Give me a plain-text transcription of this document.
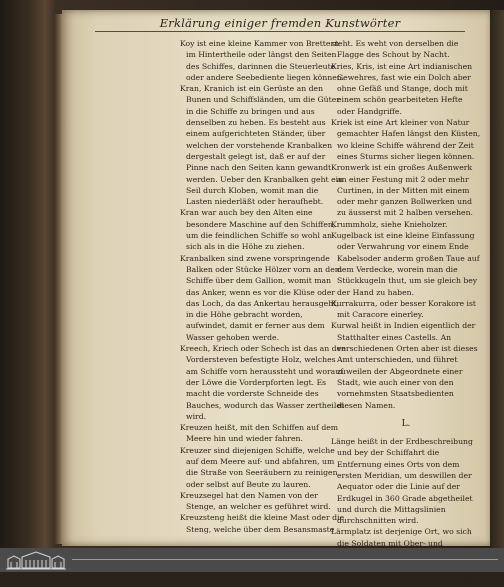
Erklärung einiger fremden Kunstwörter

Koy ist eine kleine Kammer von Brettern im Hintertheile oder längst den Seiten des Schiffes, darinnen die Steuerleute oder andere Seebediente liegen können.

Kran, Kranich ist ein Gerüste an den Bunen und Schiffsländen, um die Güter in die Schiffe zu bringen und aus denselben zu heben. Es besteht aus einem aufgerichteten Ständer, über welchen der vorstehende Kranbalken dergestalt gelegt ist, daß er auf der Pinne nach den Seiten kann gewandt werden. Ueber den Kranbalken geht ein Seil durch Kloben, womit man die Lasten niederläßt oder heraufhebt.

Kran war auch bey den Alten eine besondere Maschine auf den Schiffen, um die feindlichen Schiffe so wohl an sich als in die Höhe zu ziehen.

Kranbalken sind zwene vorspringende Balken oder Stücke Hölzer vorn an dem Schiffe über dem Gallion, womit man das Anker, wenn es vor die Klüse oder das Loch, da das Ankertau herausgeht, in die Höhe gebracht worden, aufwindet, damit er ferner aus dem Wasser gehoben werde.

Kreech, Kriech oder Schech ist das an den Vordersteven befestigte Holz, welches am Schiffe vorn heraussteht und worauf der Löwe die Vorderpforten legt. Es macht die vorderste Schneide des Bauches, wodurch das Wasser zertheilet wird.

Kreuzen heißt, mit den Schiffen auf dem Meere hin und wieder fahren.

Kreuzer sind diejenigen Schiffe, welche auf dem Meere auf- und abfahren, um die Straße von Seeräubern zu reinigen oder selbst auf Beute zu lauren.

Kreuzsegel hat den Namen von der Stenge, an welcher es geführet wird.

Kreuzsteng heißt die kleine Mast oder die Steng, welche über dem Besansmaste

steht. Es weht von derselben die Flagge des Schout by Nacht.

Kries, Kris, ist eine Art indianischen Gewehres, fast wie ein Dolch aber ohne Gefäß und Stange, doch mit einem schön gearbeiteten Hefte oder Handgriffe.

Kriek ist eine Art kleiner von Natur gemachter Hafen längst den Küsten, wo kleine Schiffe während der Zeit eines Sturms sicher liegen können.

Kronwerk ist ein großes Außenwerk an einer Festung mit 2 oder mehr Curtinen, in der Mitten mit einem oder mehr ganzen Bollwerken und zu äusserst mit 2 halben versehen.

Krummholz, siehe Knieholzer.

Kugelback ist eine kleine Einfassung oder Verwahrung vor einem Ende Kabelsoder anderm großen Taue auf dem Verdecke, worein man die Stückkugeln thut, um sie gleich bey der Hand zu haben.

Kurrakurra, oder besser Korakore ist mit Caracore einerley.

Kurwal heißt in Indien eigentlich der Statthalter eines Castells. An verschiedenen Orten aber ist dieses Amt unterschieden, und führet zuweilen der Abgeordnete einer Stadt, wie auch einer von den vornehmsten Staatsbedienten diesen Namen.

L.

Länge heißt in der Erdbeschreibung und bey der Schiffahrt die Entfernung eines Orts von dem ersten Meridian, um deswillen der Aequator oder die Linie auf der Erdkugel in 360 Grade abgetheilet und durch die Mittagslinien durchschnitten wird.

Lärmplatz ist derjenige Ort, wo sich die Soldaten mit Ober- und

Laffete,
